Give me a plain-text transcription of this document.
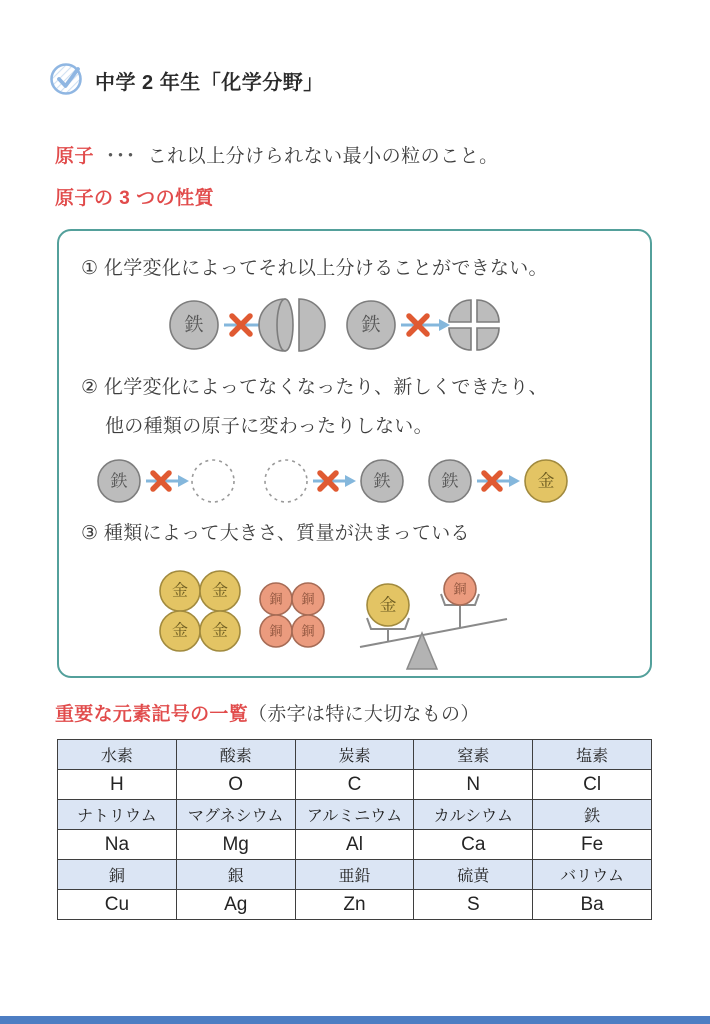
中学 2 年生「化学分野」
原子 ･･･ これ以上分けられない最小の粒のこと。
原子の 3 つの性質
① 化学変化によってそれ以上分けることができない。
鉄	鉄
② 化学変化によってなくなったり、新しくできたり、
他の種類の原子に変わったりしない。
鉄	鉄	鉄	金
③ 種類によって大きさ、質量が決まっている
金 金
金 金
銅 銅
銅 銅
金
銅
重要な元素記号の一覧（赤字は特に大切なもの）
水素	酸素	炭素	窒素	塩素
H	O	C	N	Cl
ナトリウム	マグネシウム	アルミニウム	カルシウム	鉄
Na	Mg	Al	Ca	Fe
銅	銀	亜鉛	硫黄	バリウム
Cu	Ag	Zn	S	Ba
